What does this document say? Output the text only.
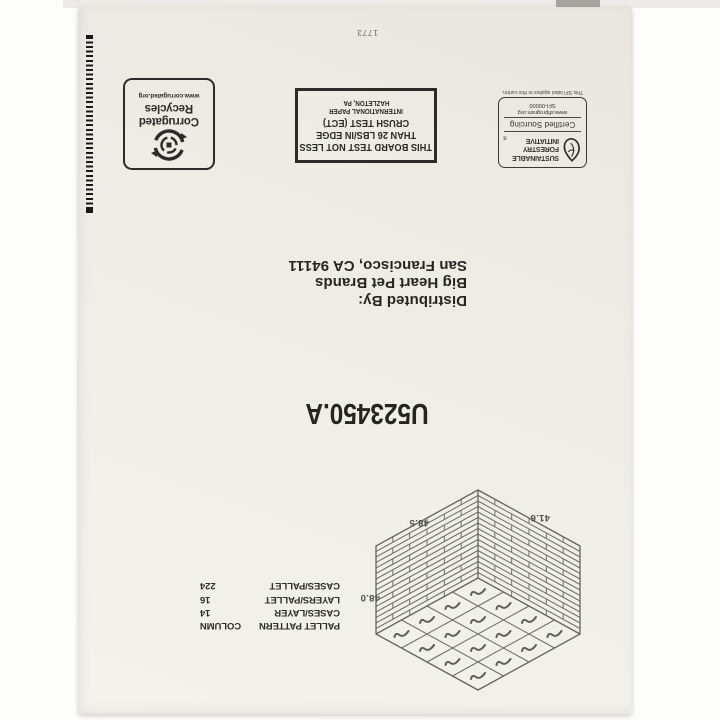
41.6
48.5
48.0
PALLET PATTERN
COLUMN
CASES/LAYER
14
LAYERS/PALLET
16
CASES/PALLET
224
U523450.A
Distributed By:
Big Heart Pet Brands
San Francisco, CA 94111
SUSTAINABLE
FORESTRY
INITIATIVE
®
Certified Sourcing
www.sfiprogram.org
SFI-00000
This SFI label applies to this carton.
THIS BOARD TEST NOT LESS
THAN 26 LBS/IN EDGE
CRUSH TEST (ECT)
INTERNATIONAL PAPER
HAZLETON, PA
Corrugated
Recycles
www.corrugated.org
1773
